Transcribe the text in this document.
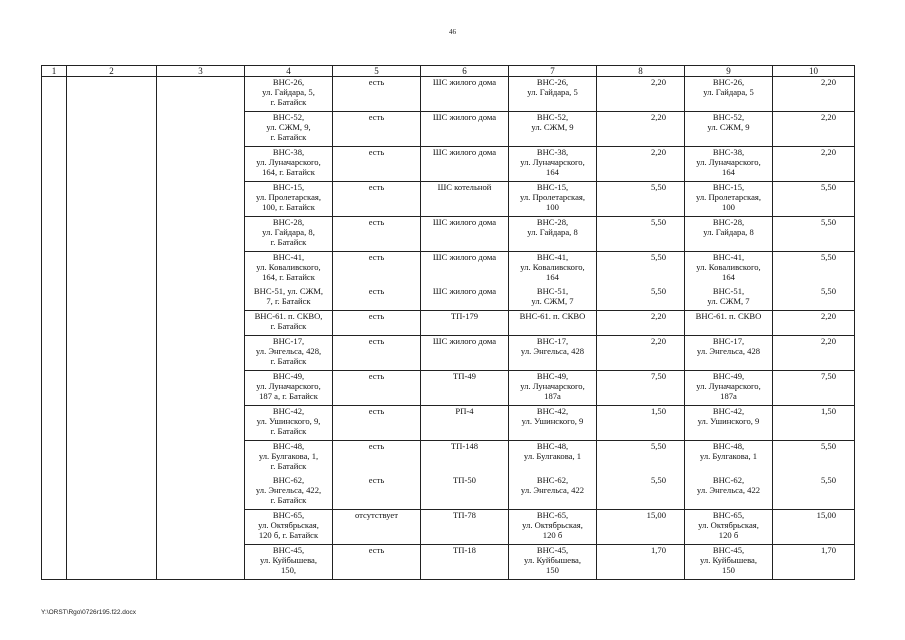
46
1	2	3	4	5	6	7	8	9	10

			ВНС-26,
ул. Гайдара, 5,
г. Батайск	есть	ШС жилого дома	ВНС-26,
ул. Гайдара, 5	2,20	ВНС-26,
ул. Гайдара, 5	2,20

			ВНС-52,
ул. СЖМ, 9,
г. Батайск	есть	ШС жилого дома	ВНС-52,
ул. СЖМ, 9	2,20	ВНС-52,
ул. СЖМ, 9	2,20

			ВНС-38,
ул. Луначарского,
164, г. Батайск	есть	ШС жилого дома	ВНС-38,
ул. Луначарского,
164	2,20	ВНС-38,
ул. Луначарского,
164	2,20

			ВНС-15,
ул. Пролетарская,
100, г. Батайск	есть	ШС котельной	ВНС-15,
ул. Пролетарская,
100	5,50	ВНС-15,
ул. Пролетарская,
100	5,50

			ВНС-28,
ул. Гайдара, 8,
г. Батайск	есть	ШС жилого дома	ВНС-28,
ул. Гайдара, 8	5,50	ВНС-28,
ул. Гайдара, 8	5,50

			ВНС-41,
ул. Коваливского,
164, г. Батайск	есть	ШС жилого дома	ВНС-41,
ул. Коваливского,
164	5,50	ВНС-41,
ул. Коваливского,
164	5,50

			ВНС-51, ул. СЖМ,
7, г. Батайск	есть	ШС жилого дома	ВНС-51,
ул. СЖМ, 7	5,50	ВНС-51,
ул. СЖМ, 7	5,50

			ВНС-61. п. СКВО,
г. Батайск	есть	ТП-179	ВНС-61. п. СКВО	2,20	ВНС-61. п. СКВО	2,20

			ВНС-17,
ул. Энгельса, 428,
г. Батайск	есть	ШС жилого дома	ВНС-17,
ул. Энгельса, 428	2,20	ВНС-17,
ул. Энгельса, 428	2,20

			ВНС-49,
ул. Луначарского,
187 а, г. Батайск	есть	ТП-49	ВНС-49,
ул. Луначарского,
187а	7,50	ВНС-49,
ул. Луначарского,
187а	7,50

			ВНС-42,
ул. Ушинского, 9,
г. Батайск	есть	РП-4	ВНС-42,
ул. Ушинского, 9	1,50	ВНС-42,
ул. Ушинского, 9	1,50

			ВНС-48,
ул. Булгакова, 1,
г. Батайск	есть	ТП-148	ВНС-48,
ул. Булгакова, 1	5,50	ВНС-48,
ул. Булгакова, 1	5,50

			ВНС-62,
ул. Энгельса, 422,
г. Батайск	есть	ТП-50	ВНС-62,
ул. Энгельса, 422	5,50	ВНС-62,
ул. Энгельса, 422	5,50

			ВНС-65,
ул. Октябрьская,
120 б, г. Батайск	отсутствует	ТП-78	ВНС-65,
ул. Октябрьская,
120 б	15,00	ВНС-65,
ул. Октябрьская,
120 б	15,00

			ВНС-45,
ул. Куйбышева,
150,	есть	ТП-18	ВНС-45,
ул. Куйбышева,
150	1,70	ВНС-45,
ул. Куйбышева,
150	1,70
Y:\ORST\Rgo\0726r195.f22.docx
